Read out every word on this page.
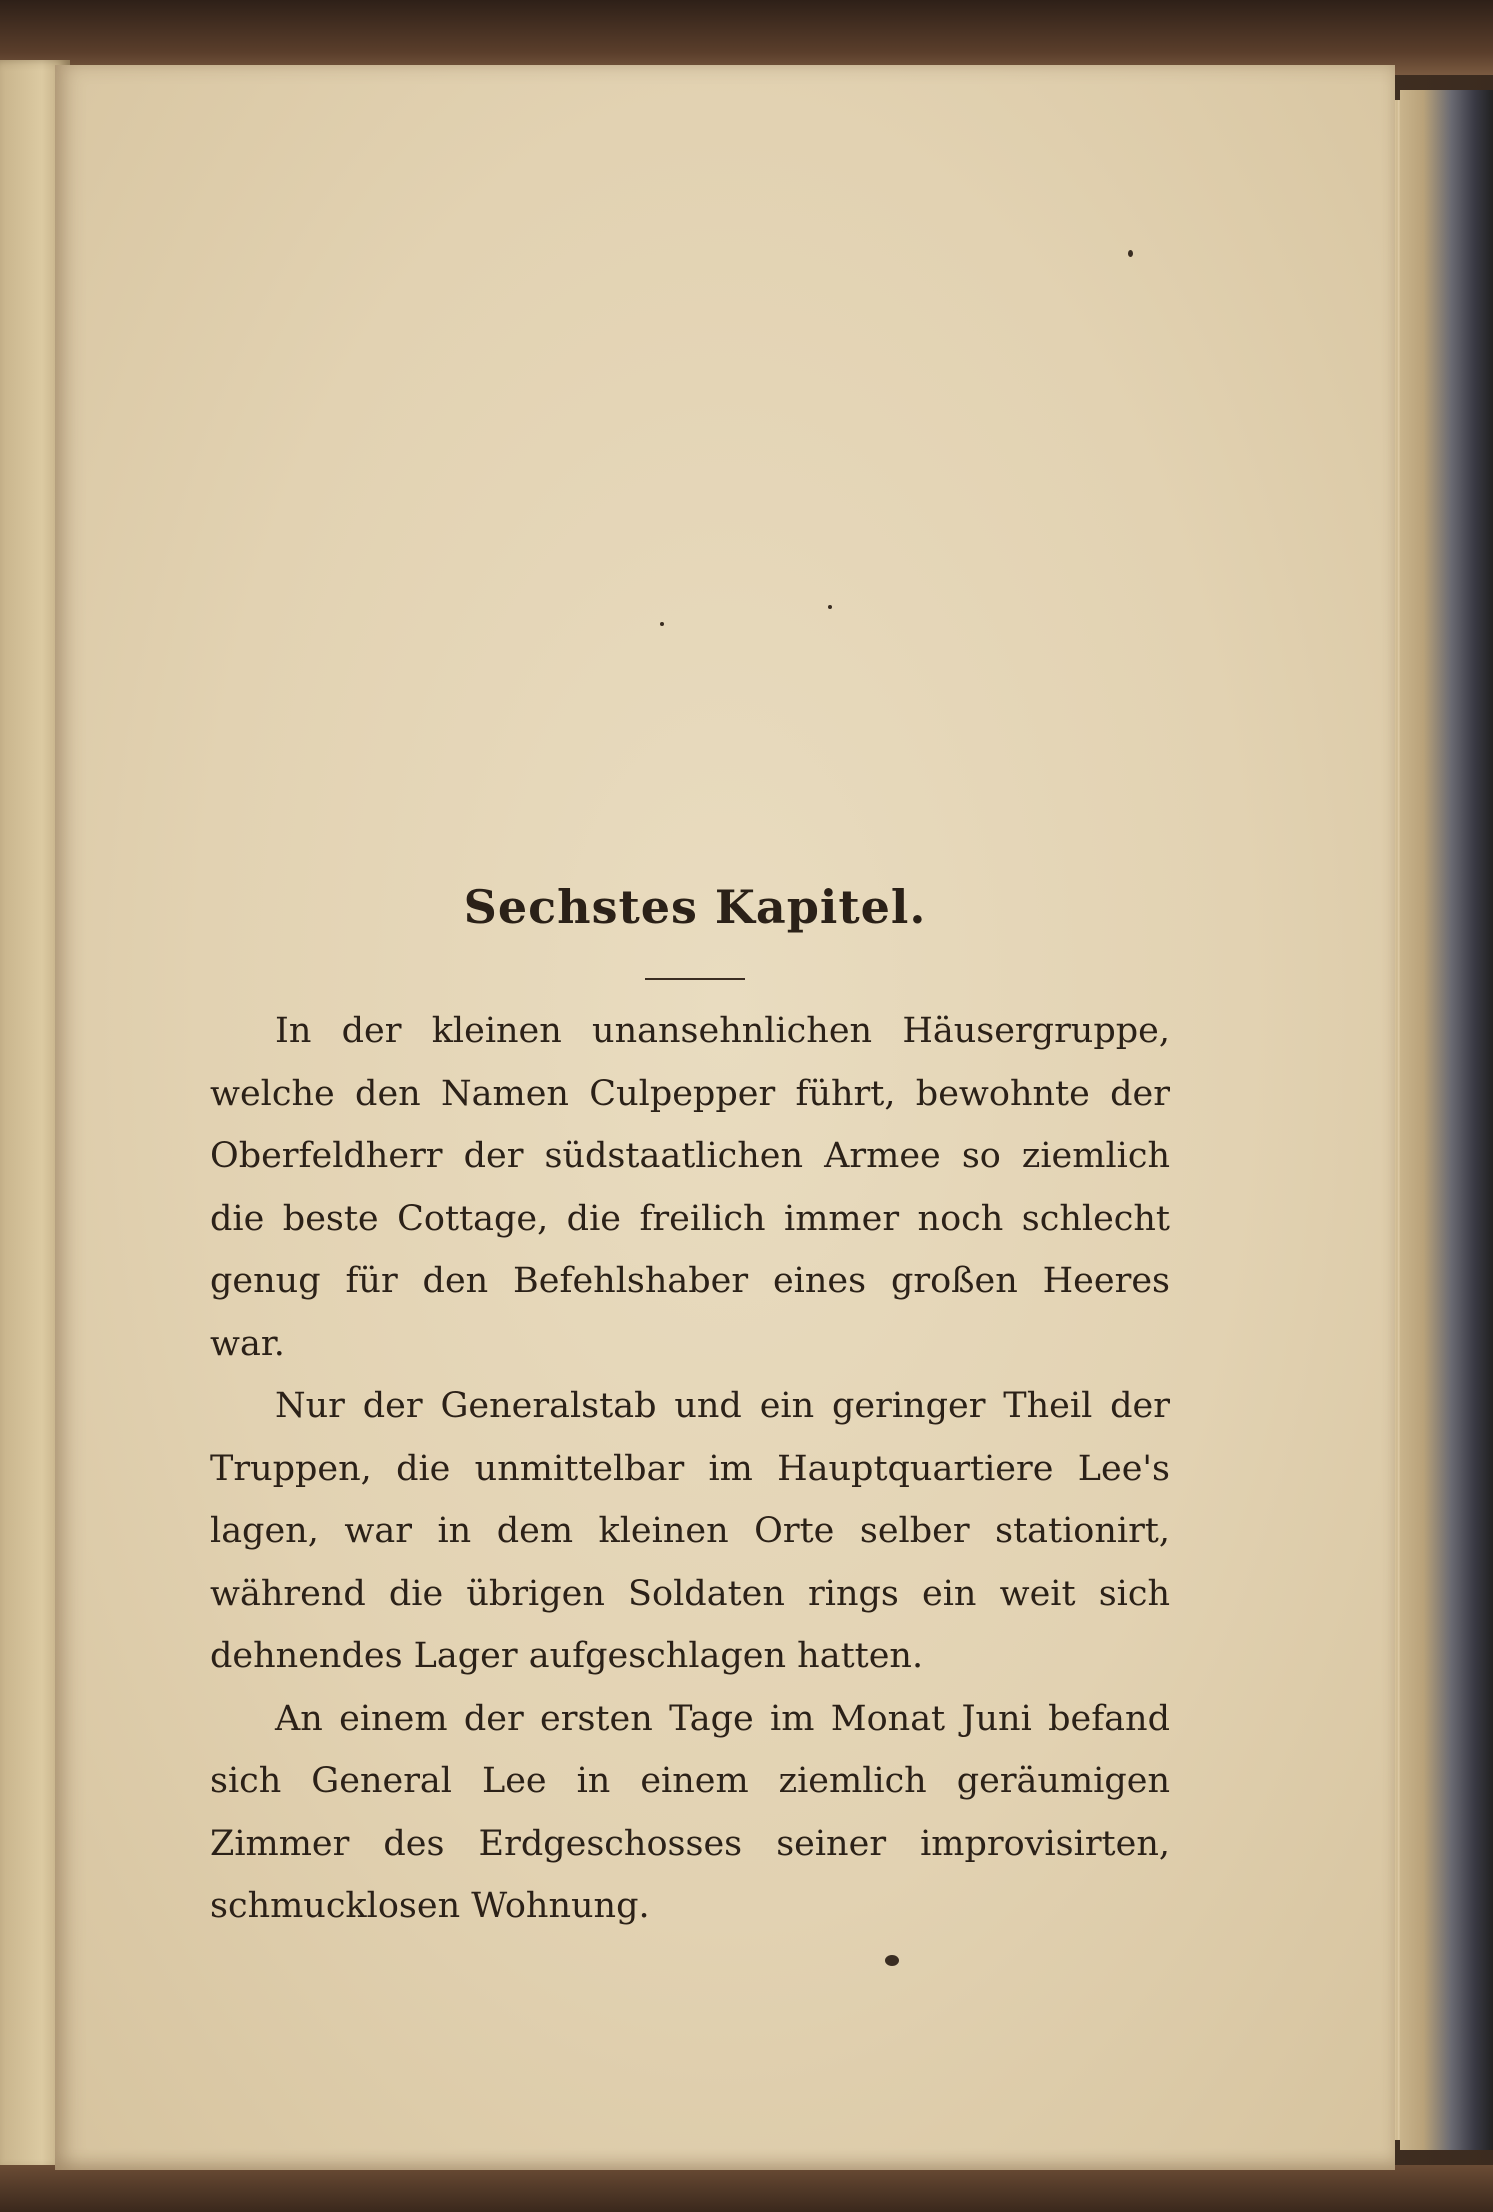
Sechstes Kapitel.

In der kleinen unansehnlichen Häusergruppe, welche den Namen Culpepper führt, bewohnte der Oberfeldherr der südstaatlichen Armee so ziemlich die beste Cottage, die freilich immer noch schlecht genug für den Befehlshaber eines großen Heeres war.

Nur der Generalstab und ein geringer Theil der Truppen, die unmittelbar im Hauptquartiere Lee's lagen, war in dem kleinen Orte selber stationirt, während die übrigen Soldaten rings ein weit sich dehnendes Lager aufgeschlagen hatten.

An einem der ersten Tage im Monat Juni befand sich General Lee in einem ziemlich geräumigen Zimmer des Erdgeschosses seiner improvisirten, schmucklosen Wohnung.
